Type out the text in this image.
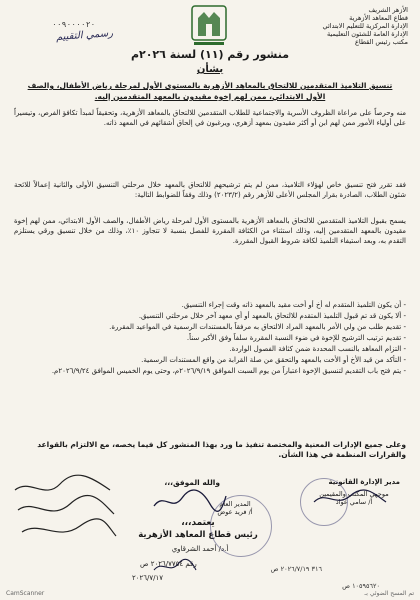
الأزهر الشريف
قطاع المعاهد الأزهرية
الإدارة المركزية للتعليم الابتدائي
الإدارة العامة للشئون التعليمية
مكتب رئيس القطاع
٠٠٩٠٠٠٠٢٠
رسمي التقييم
منشور رقم (١١) لسنة ٢٠٢٦م
بشأن
تنسيق التلاميذ المتقدمين للالتحاق بالمعاهد الأزهرية بالمستوى الأول لمرحلة رياض الأطفال، والصف الأول الابتدائي، ممن لهم إخوة مقيدون بالمعهد المتقدمين إليه.
منه وحرصاً على مراعاة الظروف الأسرية والاجتماعية للطلاب المتقدمين للالتحاق بالمعاهد الأزهرية، وتحقيقاً لمبدأ تكافؤ الفرص، وتيسيراً على أولياء الأمور ممن لهم ابن أو أكثر مقيدون بمعهد أزهري، ويرغبون في إلحاق أشقائهم في المعهد ذاته.
فقد تقرر فتح تنسيق خاص لهؤلاء التلاميذ، ممن لم يتم ترشيحهم للالتحاق بالمعهد خلال مرحلتي التنسيق الأولى والثانية إعمالاً للائحة شئون الطلاب، الصادرة بقرار المجلس الأعلى للأزهر رقم (٢٠٢٣/٢) وذلك وفقاً للضوابط التالية:
يسمح بقبول التلاميذ المتقدمين للالتحاق بالمعاهد الأزهرية بالمستوى الأول لمرحلة رياض الأطفال، والصف الأول الابتدائي، ممن لهم إخوة مقيدون بالمعهد المتقدمين إليه، وذلك استثناء من الكثافة المقررة للفصل بنسبة لا تتجاوز ١٠٪، وذلك من خلال تنسيق ورقي يستلزم التقدم به، وبعد استيفاء التلميذ لكافة شروط القبول المقررة.
- أن يكون التلميذ المتقدم له أخ أو أخت مقيد بالمعهد ذاته وقت إجراء التنسيق.
- ألا يكون قد تم قبول التلميذ المتقدم للالتحاق بالمعهد أو أي معهد آخر خلال مرحلتي التنسيق.
- تقديم طلب من ولي الأمر بالمعهد المراد الالتحاق به مرفقاً بالمستندات الرسمية في المواعيد المقررة.
- تقديم ترتيب الترشيح للإخوة في ضوء النسبة المقررة سلفاً وفق الأكبر سناً.
- التزام المعاهد بالنسب المحددة ضمن كثافة الفصول الواردة.
- التأكد من قيد الأخ أو الأخت بالمعهد والتحقق من صلة القرابة من واقع المستندات الرسمية.
- يتم فتح باب التقديم لتنسيق الإخوة اعتباراً من يوم السبت الموافق ٢٠٢٦/٩/١٩م، وحتى يوم الخميس الموافق ٢٠٢٦/٩/٢٤م.
وعلى جميع الإدارات المعنية والمختصة تنفيذ ما ورد بهذا المنشور كل فيما يخصه، مع الالتزام بالقواعد والقرارات المنظمة في هذا الشأن.
والله الموفق،،،	مدير الإدارة القانونية
موجهي المكتب والمقيمين
أ/ سامي عواد
المدير العام
أ/ فريد عوض
يعتمد،،،
رئيس قطاع المعاهد الأزهرية
أ.د/ أحمد الشرقاوي
رقم ٢٠٢٦/٧٧٥٤ ص
٢٠٢٦/٧/١٧
٣١٦ ٢٠٢٦/٧/١٩ ص
١٠٥٩٥٦٢٠ ص
CamScanner	تم المسح الضوئي بـ
